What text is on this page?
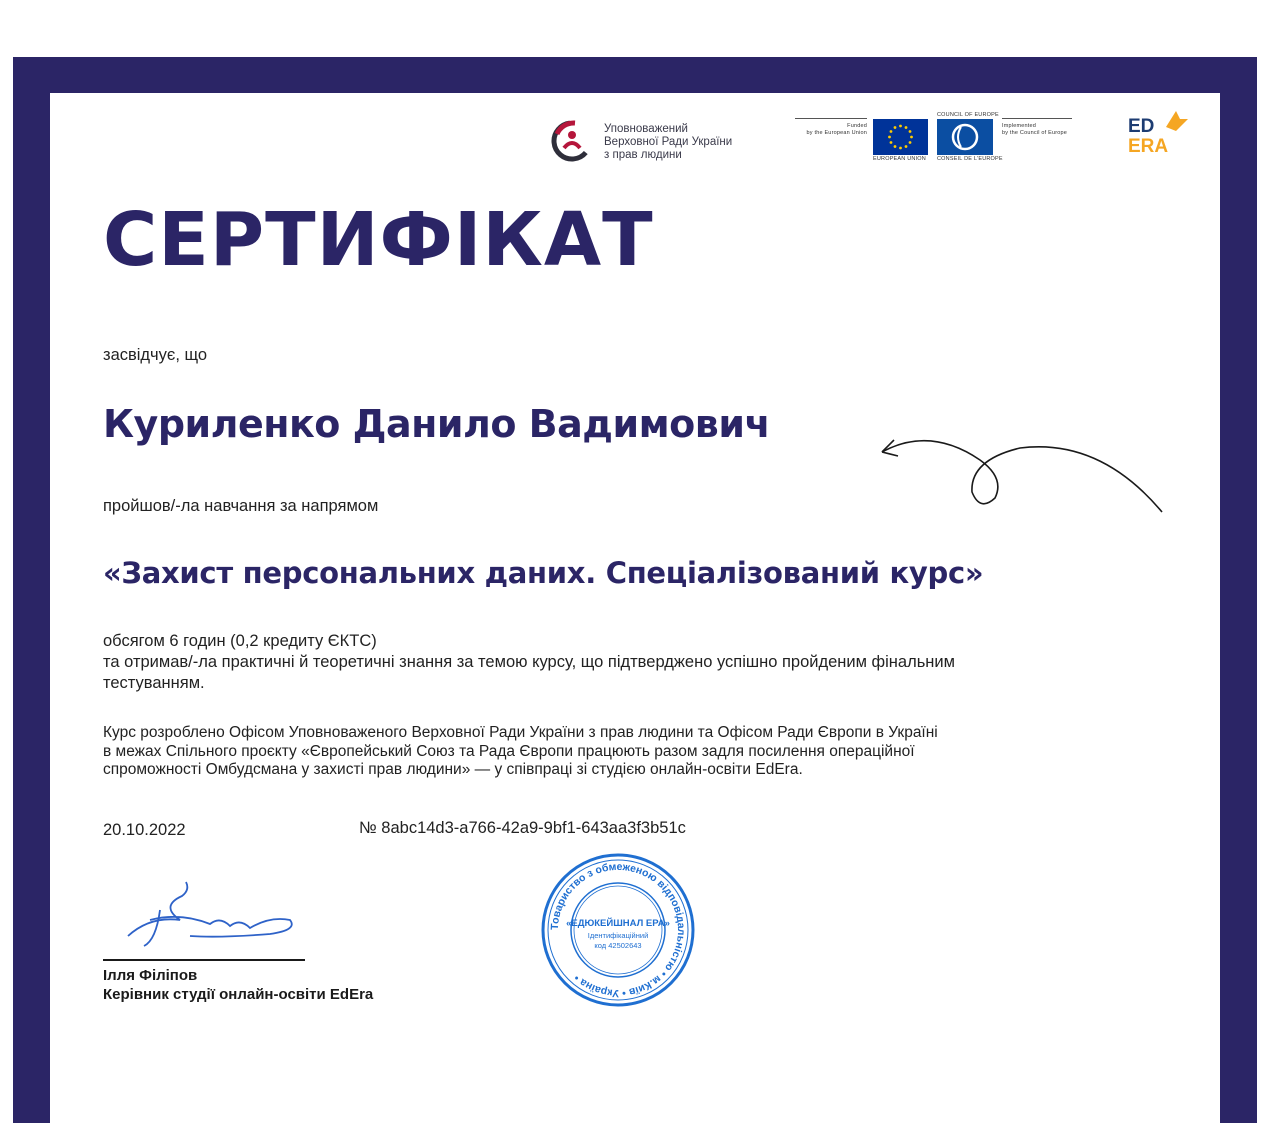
Уповноважений
Верховної Ради України
з прав людини
Funded
by the European Union
EUROPEAN UNION
COUNCIL OF EUROPE
CONSEIL DE L'EUROPE
Implemented
by the Council of Europe	ED
ERA
СЕРТИФІКАТ
засвідчує, що
Куриленко Данило Вадимович
пройшов/-ла навчання за напрямом
«Захист персональних даних. Спеціалізований курс»
обсягом 6 годин (0,2 кредиту ЄКТС)
та отримав/-ла практичні й теоретичні знання за темою курсу, що підтверджено успішно пройденим фінальним
тестуванням.
Курс розроблено Офісом Уповноваженого Верховної Ради України з прав людини та Офісом Ради Європи в Україні
в межах Спільного проєкту «Європейський Союз та Рада Європи працюють разом задля посилення операційної
спроможності Омбудсмана у захисті прав людини» — у співпраці зі студією онлайн-освіти EdEra.
20.10.2022	№ 8abc14d3-a766-42a9-9bf1-643aa3f3b51c
Ілля Філіпов
Керівник студії онлайн-освіти EdEra
Товариство з обмеженою відповідальністю • м.Київ • Україна •
«ЕДЮКЕЙШНАЛ ЕРА»
Ідентифікаційний
код 42502643
